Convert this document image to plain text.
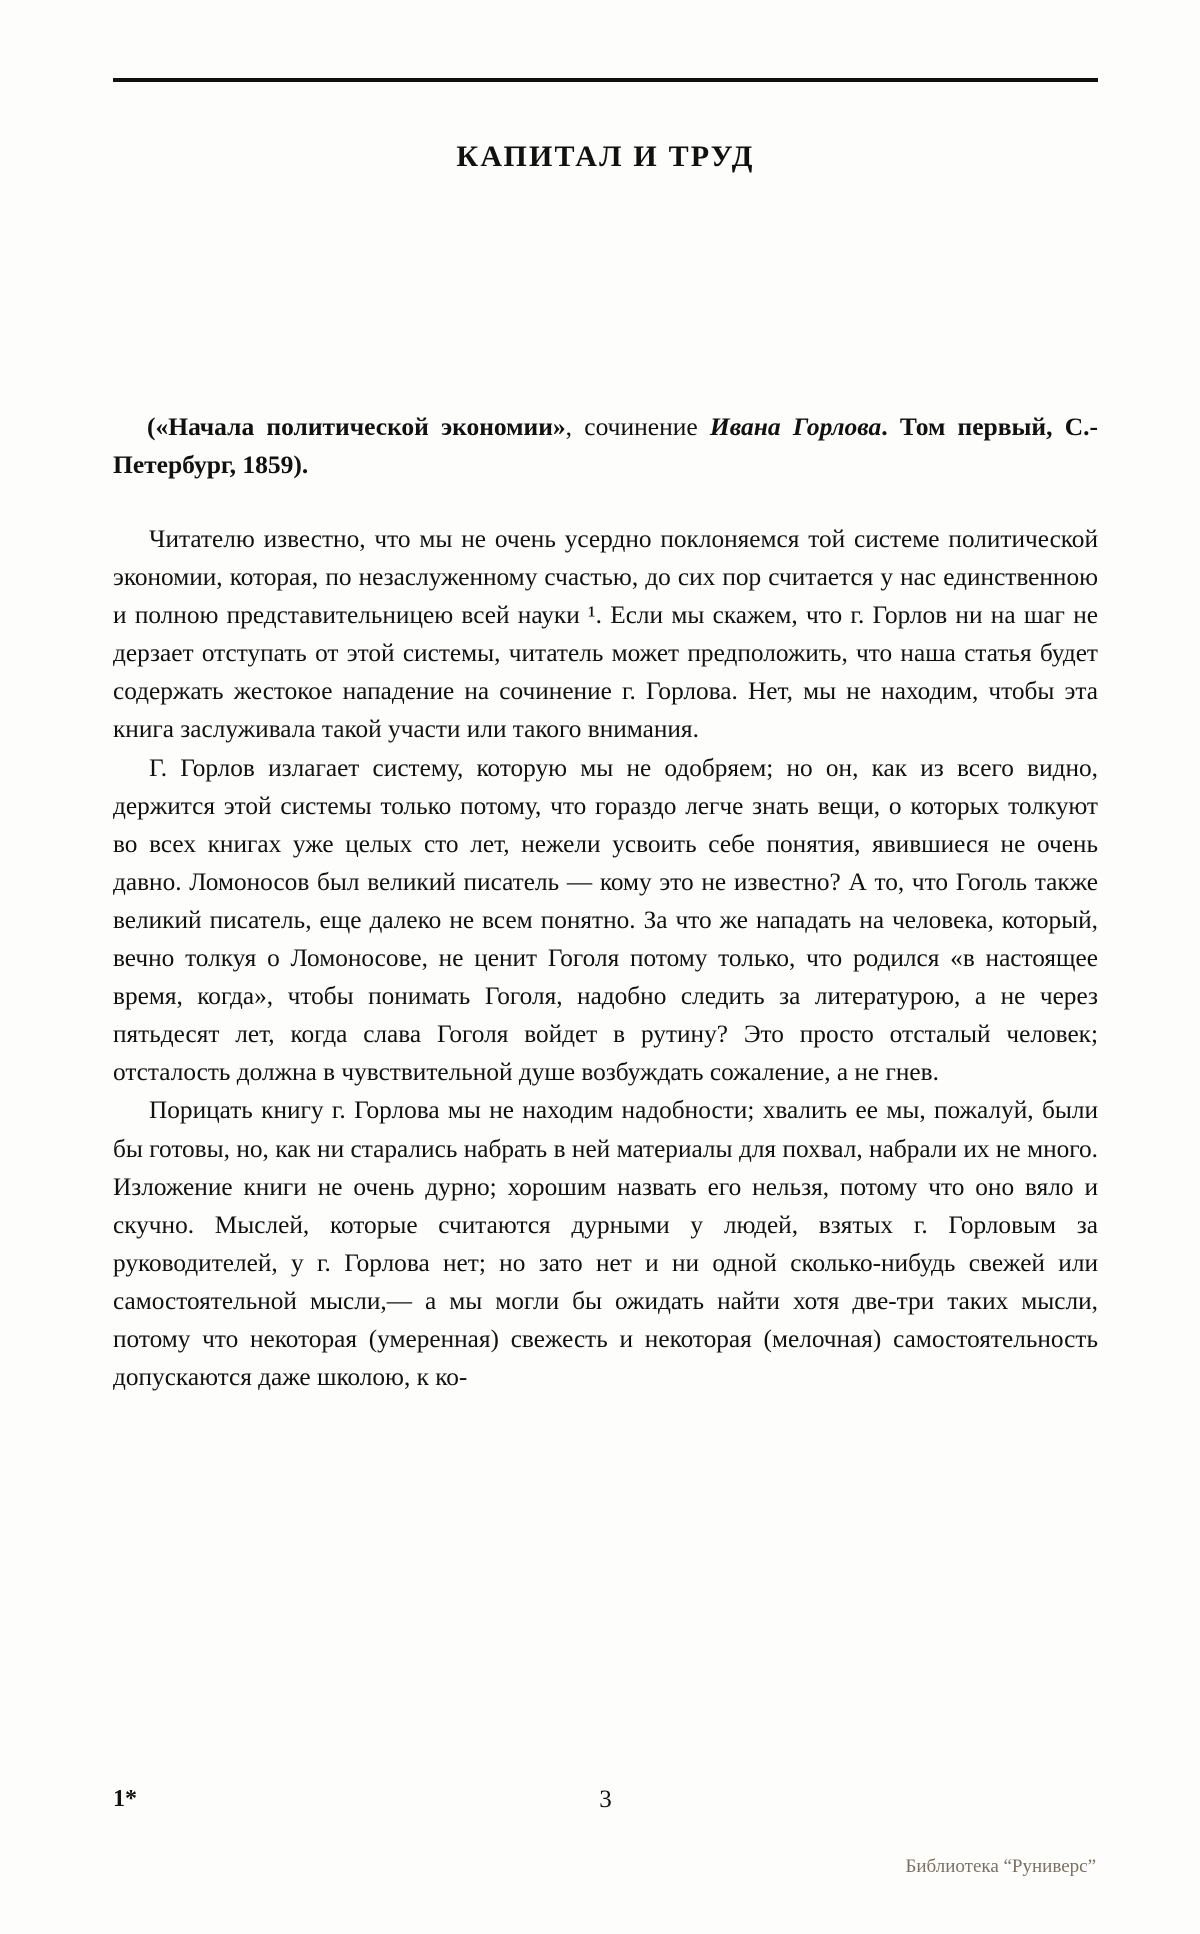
КАПИТАЛ И ТРУД
(«Начала политической экономии», сочинение Ивана Горлова. Том первый, С.-Петербург, 1859).

Читателю известно, что мы не очень усердно поклоняемся той системе политической экономии, которая, по незаслуженному счастью, до сих пор считается у нас единственною и полною представительницею всей науки ¹. Если мы скажем, что г. Горлов ни на шаг не дерзает отступать от этой системы, читатель может предположить, что наша статья будет содержать жестокое нападение на сочинение г. Горлова. Нет, мы не находим, чтобы эта книга заслуживала такой участи или такого внимания.

Г. Горлов излагает систему, которую мы не одобряем; но он, как из всего видно, держится этой системы только потому, что гораздо легче знать вещи, о которых толкуют во всех книгах уже целых сто лет, нежели усвоить себе понятия, явившиеся не очень давно. Ломоносов был великий писатель — кому это не известно? А то, что Гоголь также великий писатель, еще далеко не всем понятно. За что же нападать на человека, который, вечно толкуя о Ломоносове, не ценит Гоголя потому только, что родился «в настоящее время, когда», чтобы понимать Гоголя, надобно следить за литературою, а не через пятьдесят лет, когда слава Гоголя войдет в рутину? Это просто отсталый человек; отсталость должна в чувствительной душе возбуждать сожаление, а не гнев.

Порицать книгу г. Горлова мы не находим надобности; хвалить ее мы, пожалуй, были бы готовы, но, как ни старались набрать в ней материалы для похвал, набрали их не много. Изложение книги не очень дурно; хорошим назвать его нельзя, потому что оно вяло и скучно. Мыслей, которые считаются дурными у людей, взятых г. Горловым за руководителей, у г. Горлова нет; но зато нет и ни одной сколько-нибудь свежей или самостоятельной мысли,— а мы могли бы ожидать найти хотя две-три таких мысли, потому что некоторая (умеренная) свежесть и некоторая (мелочная) самостоятельность допускаются даже школою, к ко-

1*	3
Библиотека “Руниверс”
